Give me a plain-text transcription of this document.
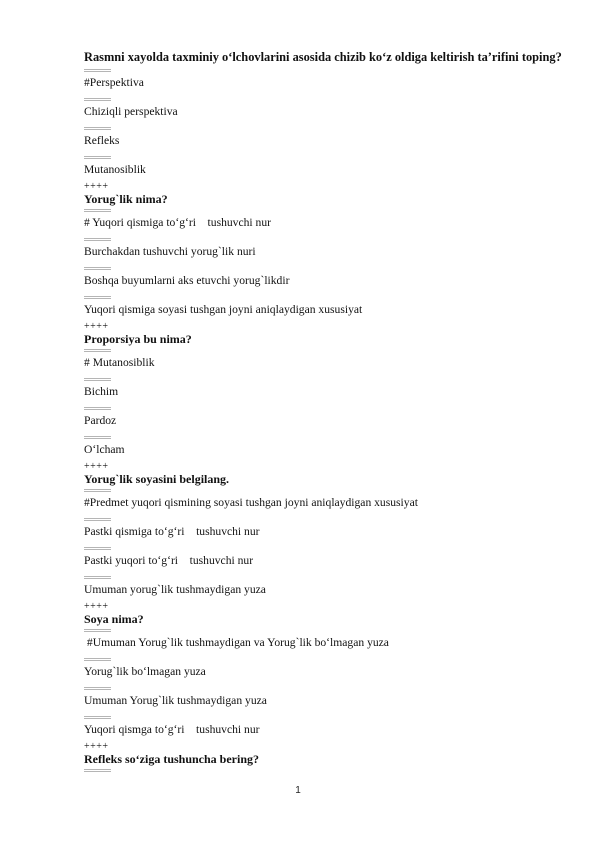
Rasmni xayolda taxminiy o‘lchovlarini asosida chizib ko‘z oldiga keltirish ta’rifini toping?
#Perspektiva
Chiziqli perspektiva
Refleks
Mutanosiblik
++++
Yorug`lik nima?
# Yuqori qismiga to‘g‘ri    tushuvchi nur
Burchakdan tushuvchi yorug`lik nuri
Boshqa buyumlarni aks etuvchi yorug`likdir
Yuqori qismiga soyasi tushgan joyni aniqlaydigan xususiyat
++++
Proporsiya bu nima?
# Mutanosiblik
Bichim
Pardoz
O‘lcham
++++
Yorug`lik soyasini belgilang.
#Predmet yuqori qismining soyasi tushgan joyni aniqlaydigan xususiyat
Pastki qismiga to‘g‘ri    tushuvchi nur
Pastki yuqori to‘g‘ri    tushuvchi nur
Umuman yorug`lik tushmaydigan yuza
++++
Soya nima?
#Umuman Yorug`lik tushmaydigan va Yorug`lik bo‘lmagan yuza
Yorug`lik bo‘lmagan yuza
Umuman Yorug`lik tushmaydigan yuza
Yuqori qismga to‘g‘ri    tushuvchi nur
++++
Refleks so‘ziga tushuncha bering?
1
